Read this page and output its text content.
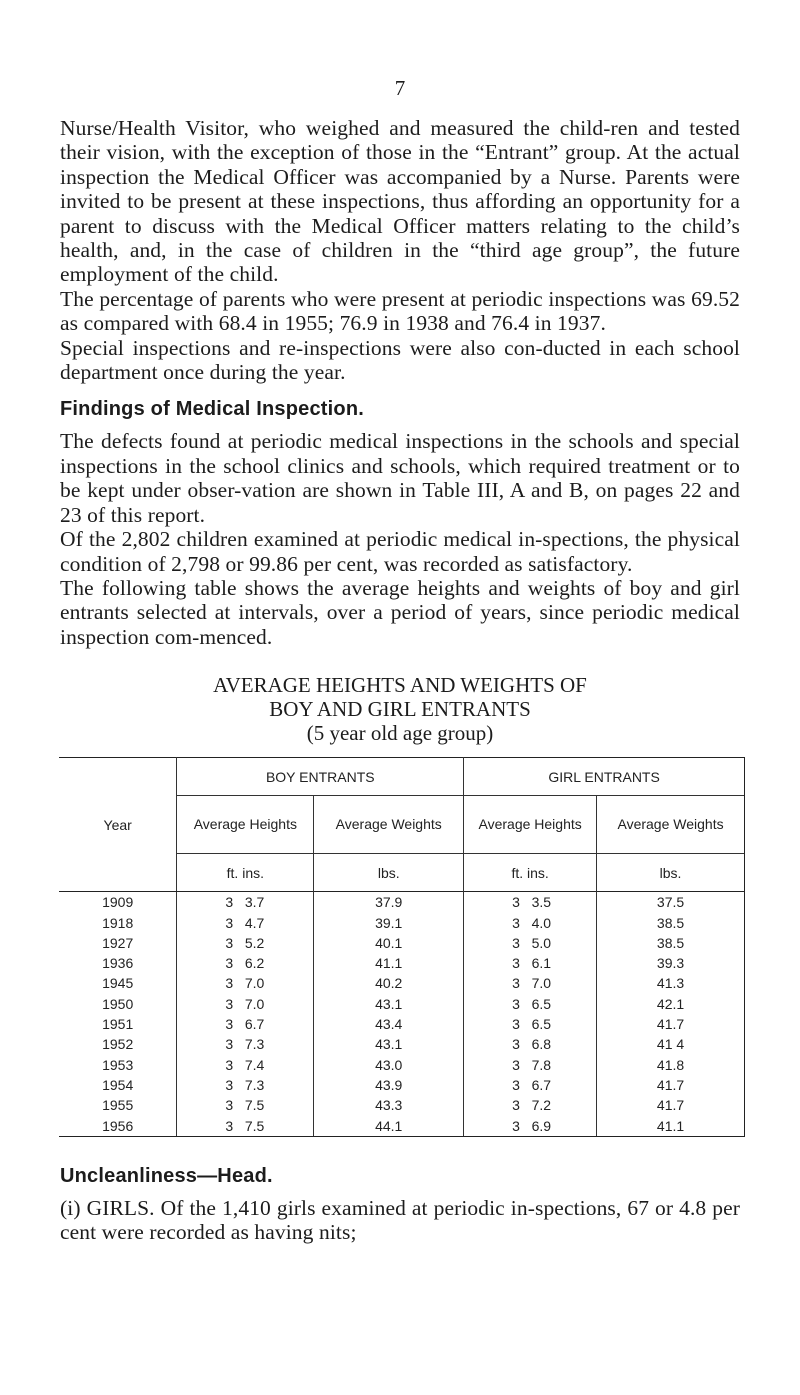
7

Nurse/Health Visitor, who weighed and measured the child-ren and tested their vision, with the exception of those in the “Entrant” group. At the actual inspection the Medical Officer was accompanied by a Nurse. Parents were invited to be present at these inspections, thus affording an opportunity for a parent to discuss with the Medical Officer matters relating to the child’s health, and, in the case of children in the “third age group”, the future employment of the child.

The percentage of parents who were present at periodic inspections was 69.52 as compared with 68.4 in 1955; 76.9 in 1938 and 76.4 in 1937.

Special inspections and re-inspections were also con-ducted in each school department once during the year.

Findings of Medical Inspection.

The defects found at periodic medical inspections in the schools and special inspections in the school clinics and schools, which required treatment or to be kept under obser-vation are shown in Table III, A and B, on pages 22 and 23 of this report.

Of the 2,802 children examined at periodic medical in-spections, the physical condition of 2,798 or 99.86 per cent, was recorded as satisfactory.

The following table shows the average heights and weights of boy and girl entrants selected at intervals, over a period of years, since periodic medical inspection com-menced.

AVERAGE HEIGHTS AND WEIGHTS OF
BOY AND GIRL ENTRANTS
(5 year old age group)
Year	BOY ENTRANTS		GIRL ENTRANTS	
	Average Heights	Average Weights	Average Heights	Average Weights
	ft. ins.	lbs.	ft. ins.	lbs.
1909	3   3.7	37.9	3   3.5	37.5
1918	3   4.7	39.1	3   4.0	38.5
1927	3   5.2	40.1	3   5.0	38.5
1936	3   6.2	41.1	3   6.1	39.3
1945	3   7.0	40.2	3   7.0	41.3
1950	3   7.0	43.1	3   6.5	42.1
1951	3   6.7	43.4	3   6.5	41.7
1952	3   7.3	43.1	3   6.8	41 4
1953	3   7.4	43.0	3   7.8	41.8
1954	3   7.3	43.9	3   6.7	41.7
1955	3   7.5	43.3	3   7.2	41.7
1956	3   7.5	44.1	3   6.9	41.1
Uncleanliness—Head.

(i) GIRLS. Of the 1,410 girls examined at periodic in-spections, 67 or 4.8 per cent were recorded as having nits;
